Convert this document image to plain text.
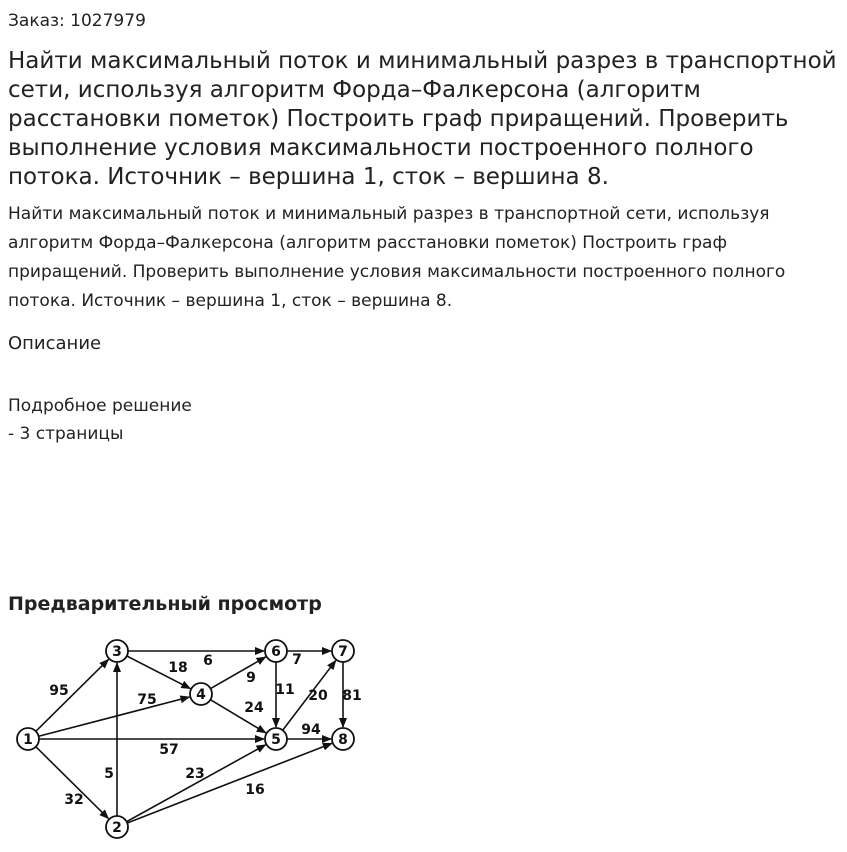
Заказ: 1027979
Найти максимальный поток и минимальный разрез в транспортной сети, используя алгоритм Форда–Фалкерсона (алгоритм расстановки пометок) Построить граф приращений. Проверить выполнение условия максимальности построенного полного потока. Источник – вершина 1, сток – вершина 8.

Найти максимальный поток и минимальный разрез в транспортной сети, используя алгоритм Форда–Фалкерсона (алгоритм расстановки пометок) Построить граф приращений. Проверить выполнение условия максимальности построенного полного потока. Источник – вершина 1, сток – вершина 8.

Описание
Подробное решение
- 3 страницы
Предварительный просмотр
95
75
57
32
5	23
16
6
18
9
24
7
11 20
94
81
1
2
3
4
5
6	7
8
